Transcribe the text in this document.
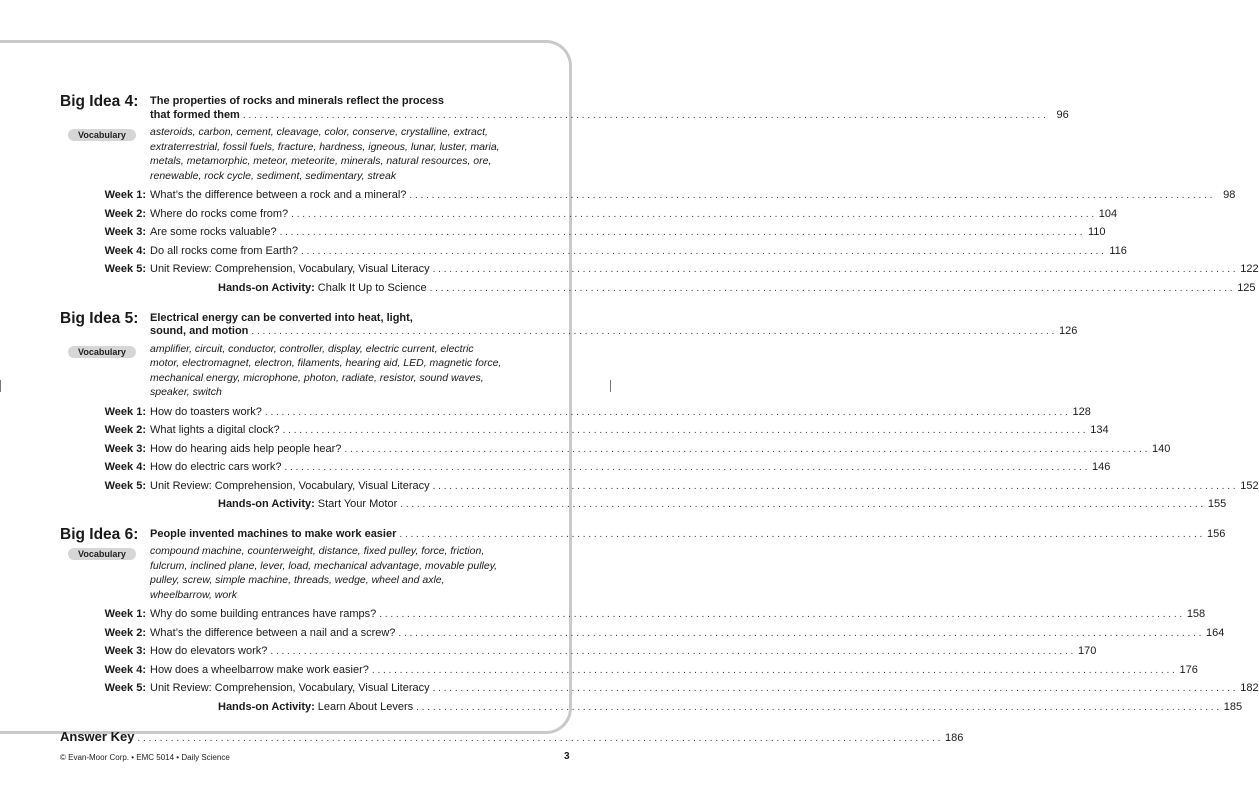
Big Idea 4:	The properties of rocks and minerals reflect the process
that formed them . . .	96
Vocabulary	asteroids, carbon, cement, cleavage, color, conserve, crystalline, extract, extraterrestrial, fossil fuels, fracture, hardness, igneous, lunar, luster, maria, metals, metamorphic, meteor, meteorite, minerals, natural resources, ore, renewable, rock cycle, sediment, sedimentary, streak
Week 1: What’s the difference between a rock and a mineral? . . .	98
Week 2: Where do rocks come from? . . .	104
Week 3: Are some rocks valuable? . . .	110
Week 4: Do all rocks come from Earth? . . .	116
Week 5: Unit Review: Comprehension, Vocabulary, Visual Literacy . . .	122
Hands-on Activity: Chalk It Up to Science . . .	125
Big Idea 5:	Electrical energy can be converted into heat, light,
sound, and motion . . .	126
Vocabulary	amplifier, circuit, conductor, controller, display, electric current, electric motor, electromagnet, electron, filaments, hearing aid, LED, magnetic force, mechanical energy, microphone, photon, radiate, resistor, sound waves, speaker, switch
Week 1: How do toasters work? . . .	128
Week 2: What lights a digital clock? . . .	134
Week 3: How do hearing aids help people hear? . . .	140
Week 4: How do electric cars work? . . .	146
Week 5: Unit Review: Comprehension, Vocabulary, Visual Literacy . . .	152
Hands-on Activity: Start Your Motor . . .	155
Big Idea 6:	People invented machines to make work easier . . .	156
Vocabulary	compound machine, counterweight, distance, fixed pulley, force, friction, fulcrum, inclined plane, lever, load, mechanical advantage, movable pulley, pulley, screw, simple machine, threads, wedge, wheel and axle, wheelbarrow, work
Week 1: Why do some building entrances have ramps? . . .	158
Week 2: What’s the difference between a nail and a screw? . . .	164
Week 3: How do elevators work? . . .	170
Week 4: How does a wheelbarrow make work easier? . . .	176
Week 5: Unit Review: Comprehension, Vocabulary, Visual Literacy . . .	182
Hands-on Activity: Learn About Levers . . .	185
Answer Key . . .	186
© Evan-Moor Corp. • EMC 5014 • Daily Science	3
